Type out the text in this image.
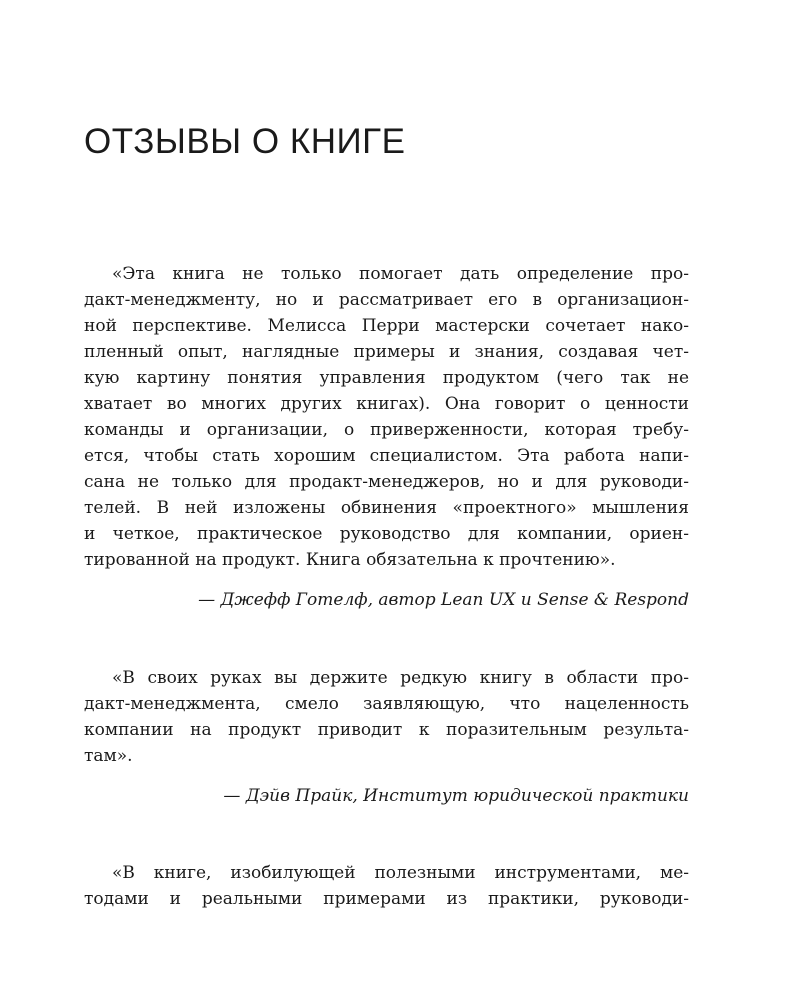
ОТЗЫВЫ О КНИГЕ
«Эта книга не только помогает дать определение про-
дакт-менеджменту, но и рассматривает его в организацион-
ной перспективе. Мелисса Перри мастерски сочетает нако-
пленный опыт, наглядные примеры и знания, создавая чет-
кую картину понятия управления продуктом (чего так не
хватает во многих других книгах). Она говорит о ценности
команды и организации, о приверженности, которая требу-
ется, чтобы стать хорошим специалистом. Эта работа напи-
сана не только для продакт-менеджеров, но и для руководи-
телей. В ней изложены обвинения «проектного» мышления
и четкое, практическое руководство для компании, ориен-
тированной на продукт. Книга обязательна к прочтению».
— Джефф Готелф, автор Lean UX и Sense & Respond
«В своих руках вы держите редкую книгу в области про-
дакт-менеджмента, смело заявляющую, что нацеленность
компании на продукт приводит к поразительным результа-
там».
— Дэйв Прайк, Институт юридической практики
«В книге, изобилующей полезными инструментами, ме-
тодами и реальными примерами из практики, руководи-
